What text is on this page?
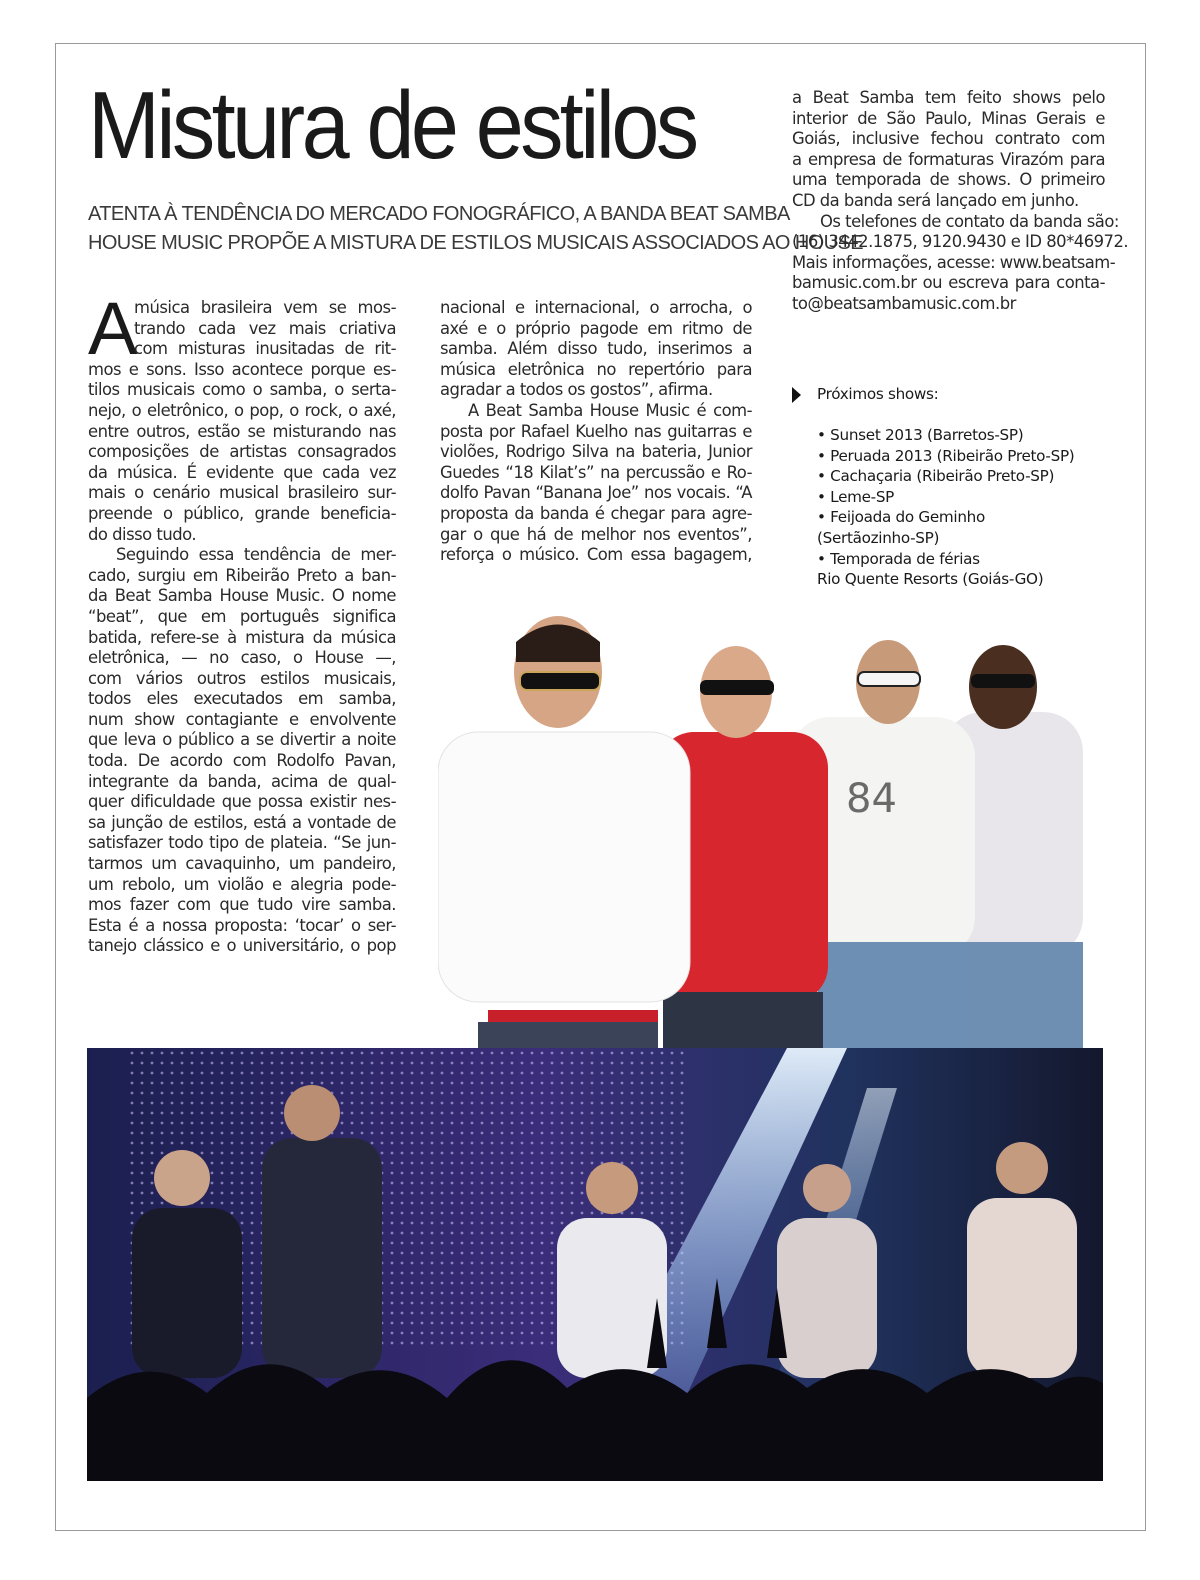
Mistura de estilos
ATENTA À TENDÊNCIA DO MERCADO FONOGRÁFICO, A BANDA BEAT SAMBA
HOUSE MUSIC PROPÕE A MISTURA DE ESTILOS MUSICAIS ASSOCIADOS AO HOUSE
A
música brasileira vem se mos-
trando cada vez mais criativa
com misturas inusitadas de rit-
mos e sons. Isso acontece porque es-
tilos musicais como o samba, o serta-
nejo, o eletrônico, o pop, o rock, o axé,
entre outros, estão se misturando nas
composições de artistas consagrados
da música. É evidente que cada vez
mais o cenário musical brasileiro sur-
preende o público, grande beneficia-
do disso tudo.
Seguindo essa tendência de mer-
cado, surgiu em Ribeirão Preto a ban-
da Beat Samba House Music. O nome
“beat”, que em português significa
batida, refere-se à mistura da música
eletrônica, — no caso, o House —,
com vários outros estilos musicais,
todos eles executados em samba,
num show contagiante e envolvente
que leva o público a se divertir a noite
toda. De acordo com Rodolfo Pavan,
integrante da banda, acima de qual-
quer dificuldade que possa existir nes-
sa junção de estilos, está a vontade de
satisfazer todo tipo de plateia. “Se jun-
tarmos um cavaquinho, um pandeiro,
um rebolo, um violão e alegria pode-
mos fazer com que tudo vire samba.
Esta é a nossa proposta: ‘tocar’ o ser-
tanejo clássico e o universitário, o pop
nacional e internacional, o arrocha, o
axé e o próprio pagode em ritmo de
samba. Além disso tudo, inserimos a
música eletrônica no repertório para
agradar a todos os gostos”, afirma.
A Beat Samba House Music é com-
posta por Rafael Kuelho nas guitarras e
violões, Rodrigo Silva na bateria, Junior
Guedes “18 Kilat’s” na percussão e Ro-
dolfo Pavan “Banana Joe” nos vocais. “A
proposta da banda é chegar para agre-
gar o que há de melhor nos eventos”,
reforça o músico. Com essa bagagem,
a Beat Samba tem feito shows pelo
interior de São Paulo, Minas Gerais e
Goiás, inclusive fechou contrato com
a empresa de formaturas Virazóm para
uma temporada de shows. O primeiro
CD da banda será lançado em junho.
Os telefones de contato da banda são:
(16) 3442.1875, 9120.9430 e ID 80*46972.
Mais informações, acesse: www.beatsam-
bamusic.com.br ou escreva para conta-
to@beatsambamusic.com.br
Próximos shows:
• Sunset 2013 (Barretos-SP)
• Peruada 2013 (Ribeirão Preto-SP)
• Cachaçaria (Ribeirão Preto-SP)
• Leme-SP
• Feijoada do Geminho
(Sertãozinho-SP)
• Temporada de férias
Rio Quente Resorts (Goiás-GO)
84
